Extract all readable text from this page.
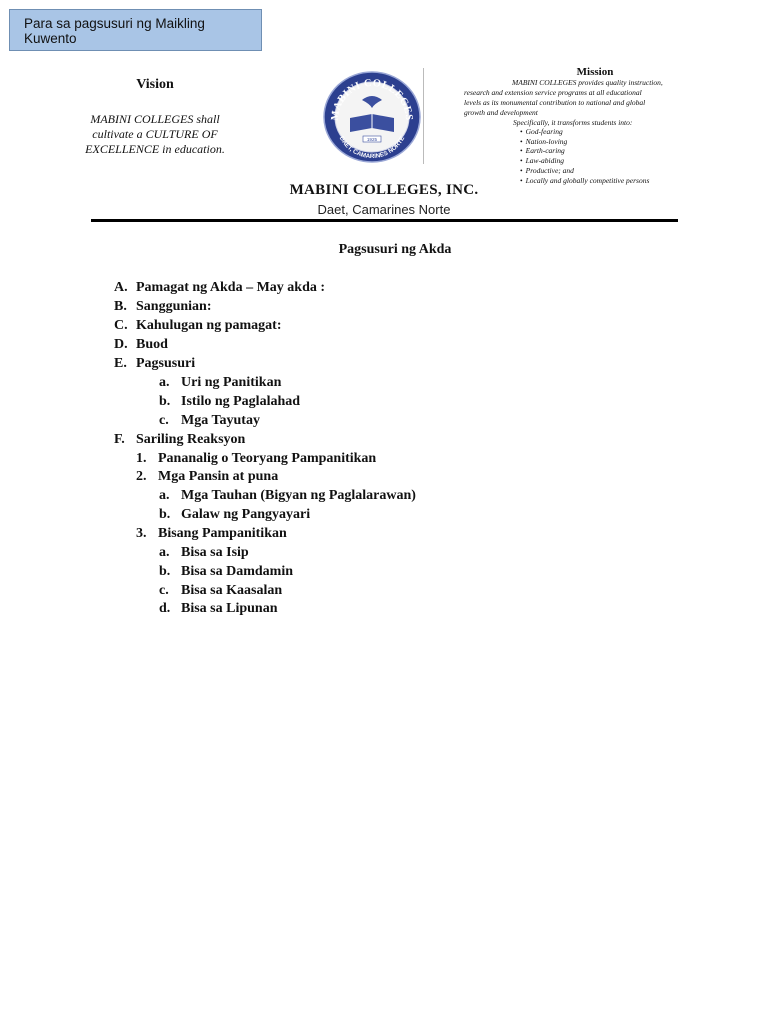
Para sa pagsusuri ng Maikling Kuwento
Vision
MABINI COLLEGES shall
cultivate a CULTURE OF
EXCELLENCE in education.
MABINI COLLEGES
DAET, CAMARINES NORTE
1925
Mission
MABINI COLLEGES provides quality instruction,
research and extension service programs at all educational
levels as its monumental contribution to national and global
growth and development
Specifically, it transforms students into:
• God-fearing
• Nation-loving
• Earth-caring
• Law-abiding
• Productive; and
• Locally and globally competitive persons
MABINI COLLEGES, INC.
Daet, Camarines Norte
Pagsusuri ng Akda
A. Pamagat ng Akda – May akda :
B. Sanggunian:
C. Kahulugan ng pamagat:
D. Buod
E. Pagsusuri
a. Uri ng Panitikan
b. Istilo ng Paglalahad
c. Mga Tayutay
F. Sariling Reaksyon
1. Pananalig o Teoryang Pampanitikan
2. Mga Pansin at puna
a. Mga Tauhan (Bigyan ng Paglalarawan)
b. Galaw ng Pangyayari
3. Bisang Pampanitikan
a. Bisa sa Isip
b. Bisa sa Damdamin
c. Bisa sa Kaasalan
d. Bisa sa Lipunan
